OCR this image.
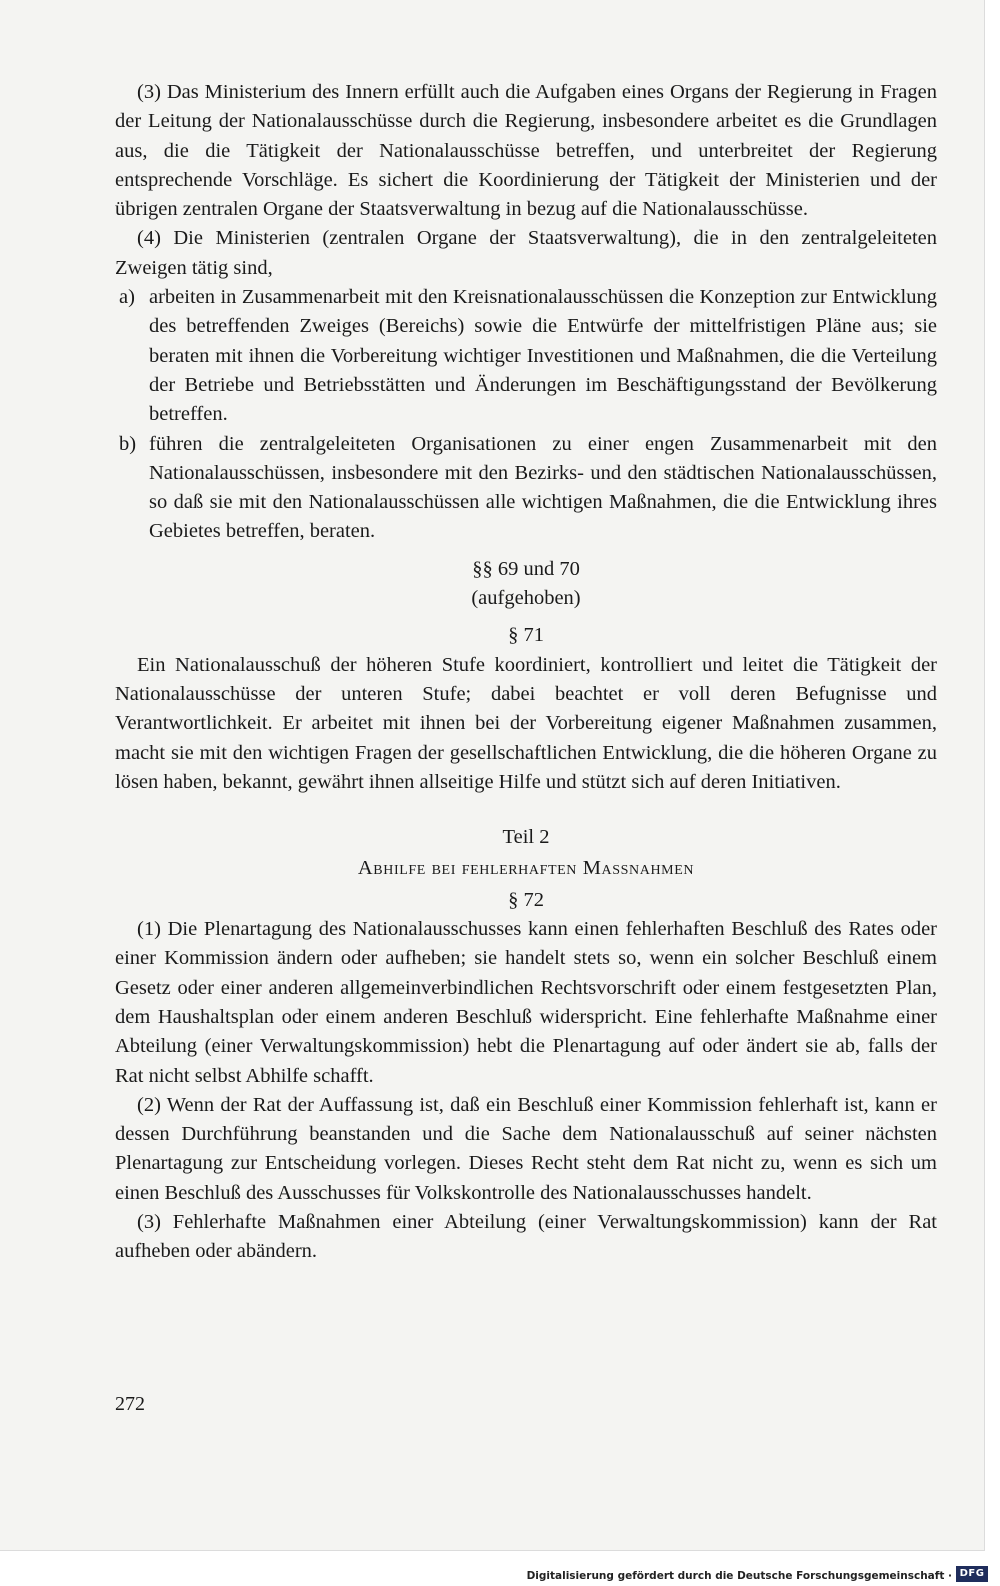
(3) Das Ministerium des Innern erfüllt auch die Aufgaben eines Organs der Regierung in Fragen der Leitung der Nationalausschüsse durch die Regierung, insbesondere arbeitet es die Grundlagen aus, die die Tätigkeit der Nationalausschüsse betreffen, und unterbreitet der Regierung entsprechende Vorschläge. Es sichert die Koordinierung der Tätigkeit der Ministerien und der übrigen zentralen Organe der Staatsverwaltung in bezug auf die Nationalausschüsse.

(4) Die Ministerien (zentralen Organe der Staatsverwaltung), die in den zentralgeleiteten Zweigen tätig sind,

a) arbeiten in Zusammenarbeit mit den Kreisnationalausschüssen die Konzeption zur Entwicklung des betreffenden Zweiges (Bereichs) sowie die Entwürfe der mittelfristigen Pläne aus; sie beraten mit ihnen die Vorbereitung wichtiger Investitionen und Maßnahmen, die die Verteilung der Betriebe und Betriebsstätten und Änderungen im Beschäftigungsstand der Bevölkerung betreffen.
b) führen die zentralgeleiteten Organisationen zu einer engen Zusammenarbeit mit den Nationalausschüssen, insbesondere mit den Bezirks- und den städtischen Nationalausschüssen, so daß sie mit den Nationalausschüssen alle wichtigen Maßnahmen, die die Entwicklung ihres Gebietes betreffen, beraten.

§§ 69 und 70

(aufgehoben)

§ 71

Ein Nationalausschuß der höheren Stufe koordiniert, kontrolliert und leitet die Tätigkeit der Nationalausschüsse der unteren Stufe; dabei beachtet er voll deren Befugnisse und Verantwortlichkeit. Er arbeitet mit ihnen bei der Vorbereitung eigener Maßnahmen zusammen, macht sie mit den wichtigen Fragen der gesellschaftlichen Entwicklung, die die höheren Organe zu lösen haben, bekannt, gewährt ihnen allseitige Hilfe und stützt sich auf deren Initiativen.

Teil 2

Abhilfe bei fehlerhaften Massnahmen

§ 72

(1) Die Plenartagung des Nationalausschusses kann einen fehlerhaften Beschluß des Rates oder einer Kommission ändern oder aufheben; sie handelt stets so, wenn ein solcher Beschluß einem Gesetz oder einer anderen allgemeinverbindlichen Rechtsvorschrift oder einem festgesetzten Plan, dem Haushaltsplan oder einem anderen Beschluß widerspricht. Eine fehlerhafte Maßnahme einer Abteilung (einer Verwaltungskommission) hebt die Plenartagung auf oder ändert sie ab, falls der Rat nicht selbst Abhilfe schafft.

(2) Wenn der Rat der Auffassung ist, daß ein Beschluß einer Kommission fehlerhaft ist, kann er dessen Durchführung beanstanden und die Sache dem Nationalausschuß auf seiner nächsten Plenartagung zur Entscheidung vorlegen. Dieses Recht steht dem Rat nicht zu, wenn es sich um einen Beschluß des Ausschusses für Volkskontrolle des Nationalausschusses handelt.

(3) Fehlerhafte Maßnahmen einer Abteilung (einer Verwaltungskommission) kann der Rat aufheben oder abändern.

272
Digitalisierung gefördert durch die Deutsche Forschungsgemeinschaft · DFG
